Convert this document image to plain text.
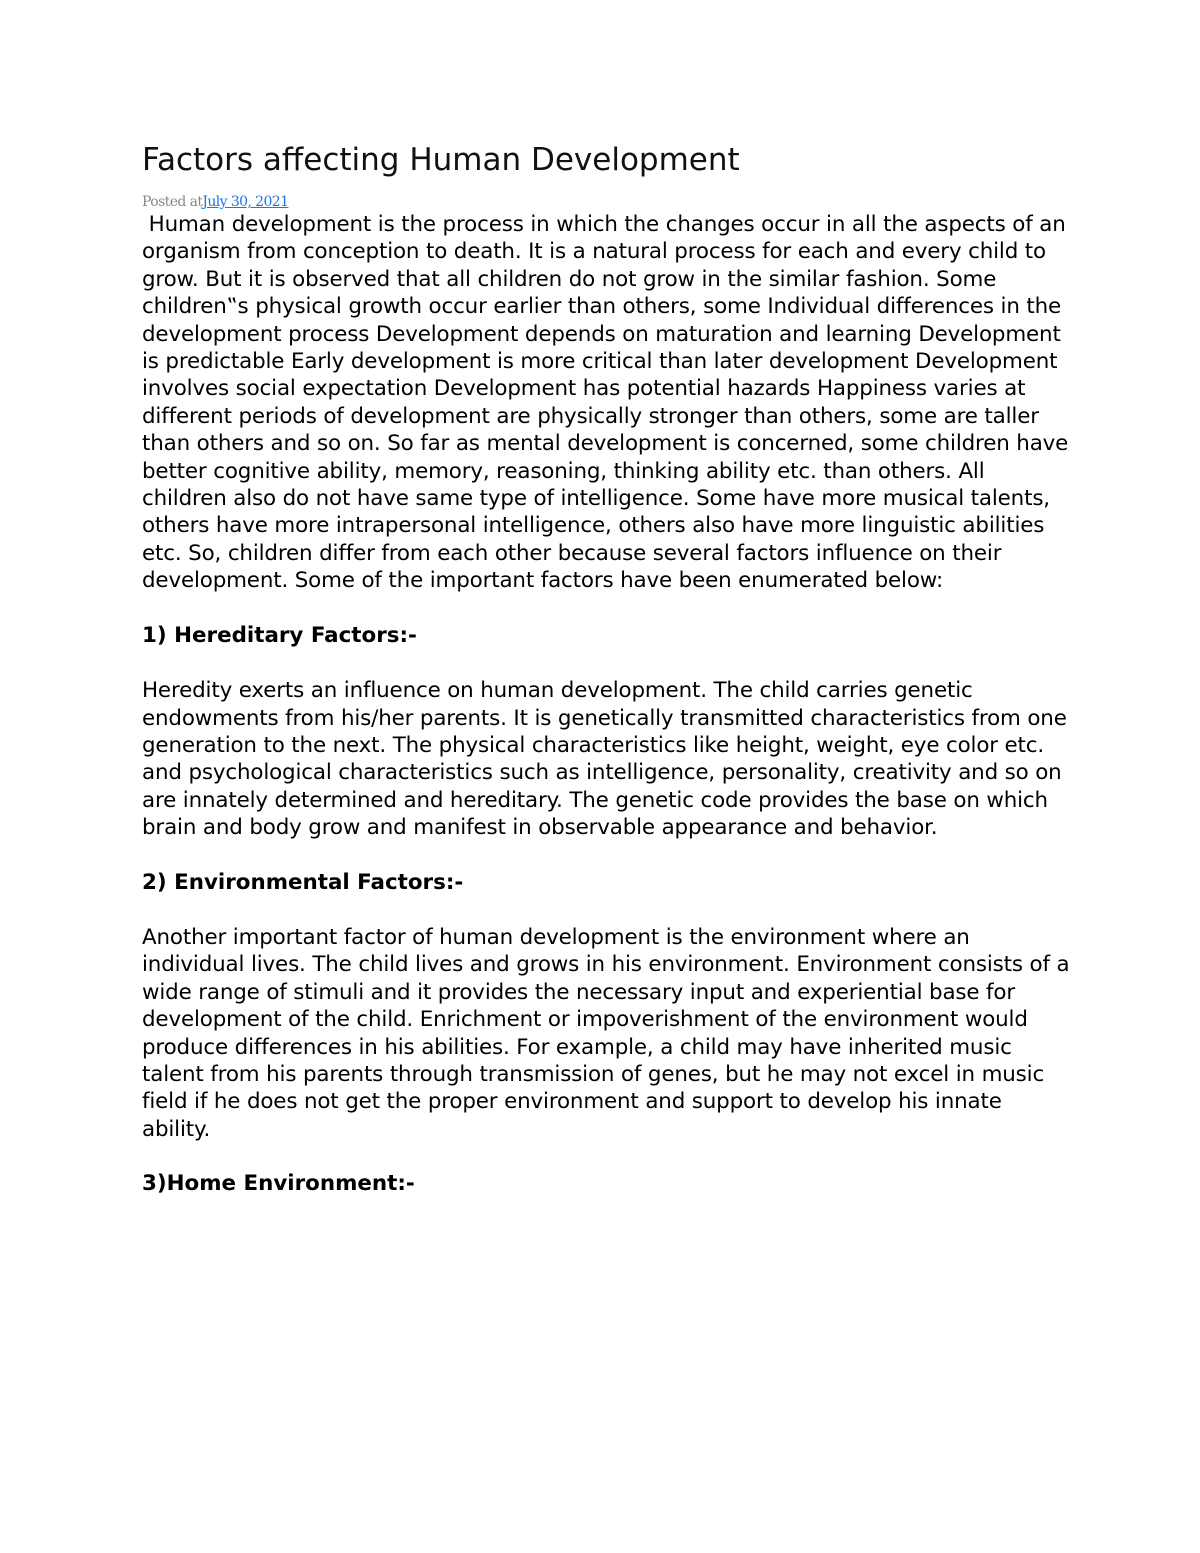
Factors affecting Human Development

Posted atJuly 30, 2021

Human development is the process in which the changes occur in all the aspects of an organism from conception to death. It is a natural process for each and every child to grow. But it is observed that all children do not grow in the similar fashion. Some children‟s physical growth occur earlier than others, some Individual differences in the development process Development depends on maturation and learning Development is predictable Early development is more critical than later development Development involves social expectation Development has potential hazards Happiness varies at different periods of development are physically stronger than others, some are taller than others and so on. So far as mental development is concerned, some children have better cognitive ability, memory, reasoning, thinking ability etc. than others. All children also do not have same type of intelligence. Some have more musical talents, others have more intrapersonal intelligence, others also have more linguistic abilities etc. So, children differ from each other because several factors influence on their development. Some of the important factors have been enumerated below:

1) Hereditary Factors:-

Heredity exerts an influence on human development. The child carries genetic endowments from his/her parents. It is genetically transmitted characteristics from one generation to the next. The physical characteristics like height, weight, eye color etc. and psychological characteristics such as intelligence, personality, creativity and so on are innately determined and hereditary. The genetic code provides the base on which brain and body grow and manifest in observable appearance and behavior.

2) Environmental Factors:-

Another important factor of human development is the environment where an individual lives. The child lives and grows in his environment. Environment consists of a wide range of stimuli and it provides the necessary input and experiential base for development of the child. Enrichment or impoverishment of the environment would produce differences in his abilities. For example, a child may have inherited music talent from his parents through transmission of genes, but he may not excel in music field if he does not get the proper environment and support to develop his innate ability.

3)Home Environment:-
